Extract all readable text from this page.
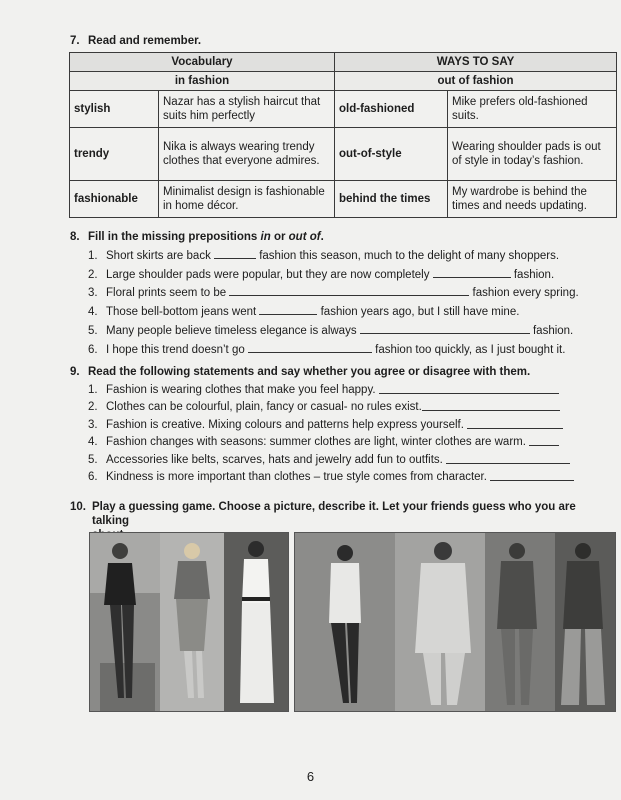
7. Read and remember.
Vocabulary		WAYS TO SAY	
in fashion		out of fashion	
stylish	Nazar has a stylish haircut that suits him perfectly	old-fashioned	Mike prefers old-fashioned suits.
trendy	Nika is always wearing trendy clothes that everyone admires.	out-of-style	Wearing shoulder pads is out of style in today’s fashion.
fashionable	Minimalist design is fashionable in home décor.	behind the times	My wardrobe is behind the times and needs updating.
8. Fill in the missing prepositions in or out of.
1. Short skirts are back	fashion this season, much to the delight of many shoppers.
2. Large shoulder pads were popular, but they are now completely	fashion.
3. Floral prints seem to be	fashion every spring.
4. Those bell-bottom jeans went	fashion years ago, but I still have mine.
5. Many people believe timeless elegance is always	fashion.
6. I hope this trend doesn’t go	fashion too quickly, as I just bought it.
9. Read the following statements and say whether you agree or disagree with them.
1. Fashion is wearing clothes that make you feel happy.
2. Clothes can be colourful, plain, fancy or casual- no rules exist.
3. Fashion is creative. Mixing colours and patterns help express yourself.
4. Fashion changes with seasons: summer clothes are light, winter clothes are warm.
5. Accessories like belts, scarves, hats and jewelry add fun to outfits.
6. Kindness is more important than clothes – true style comes from character.
10. Play a guessing game. Choose a picture, describe it. Let your friends guess who you are talking
6
